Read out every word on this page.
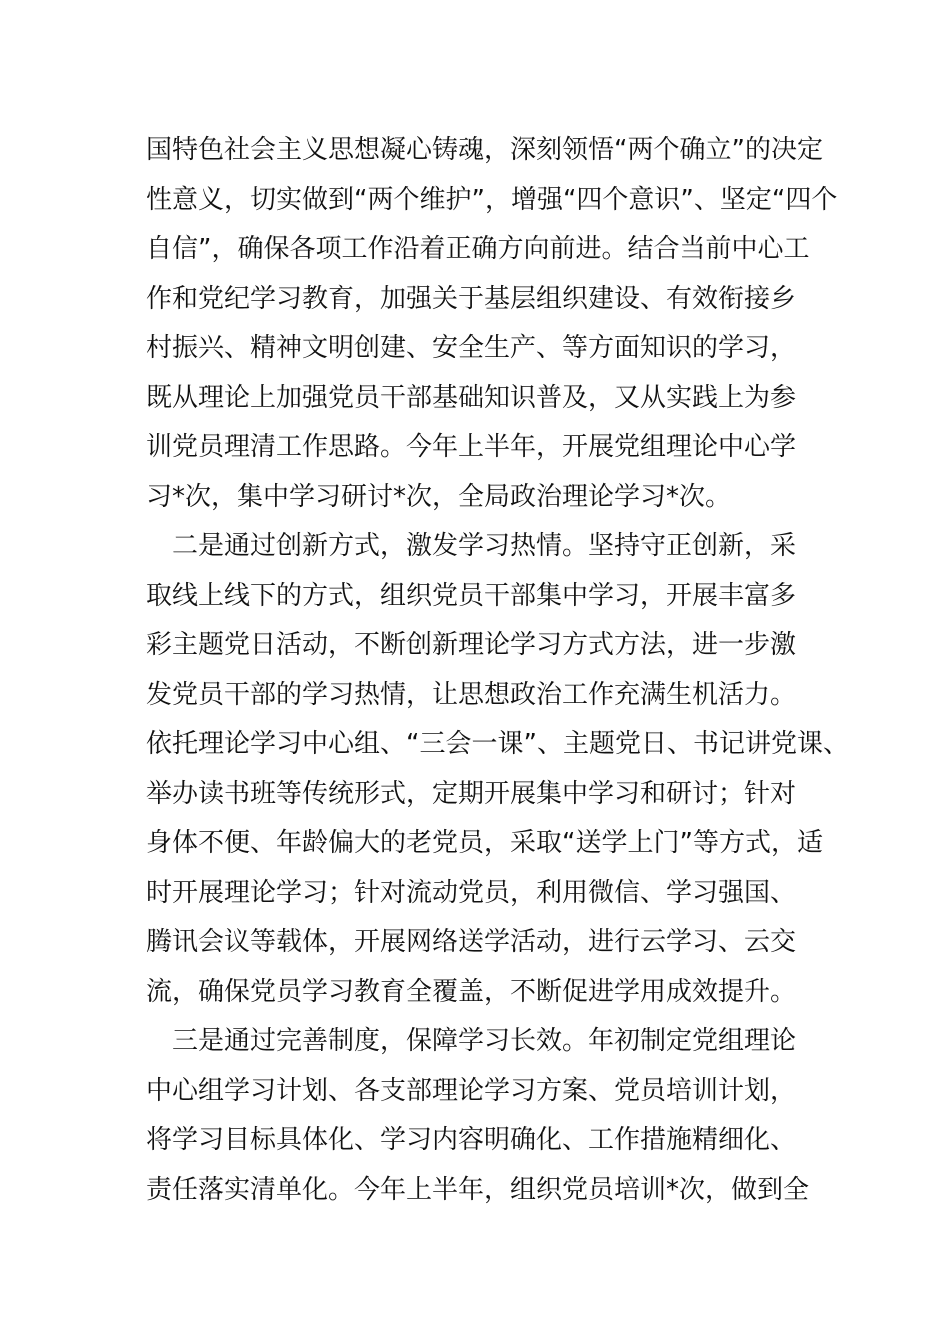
国特色社会主义思想凝心铸魂，深刻领悟“两个确立”的决定
性意义，切实做到“两个维护”，增强“四个意识”、坚定“四个
自信”，确保各项工作沿着正确方向前进。结合当前中心工
作和党纪学习教育，加强关于基层组织建设、有效衔接乡
村振兴、精神文明创建、安全生产、等方面知识的学习，
既从理论上加强党员干部基础知识普及，又从实践上为参
训党员理清工作思路。今年上半年，开展党组理论中心学
习*次，集中学习研讨*次，全局政治理论学习*次。
　二是通过创新方式，激发学习热情。坚持守正创新，采
取线上线下的方式，组织党员干部集中学习，开展丰富多
彩主题党日活动，不断创新理论学习方式方法，进一步激
发党员干部的学习热情，让思想政治工作充满生机活力。
依托理论学习中心组、“三会一课”、主题党日、书记讲党课、
举办读书班等传统形式，定期开展集中学习和研讨；针对
身体不便、年龄偏大的老党员，采取“送学上门”等方式，适
时开展理论学习；针对流动党员，利用微信、学习强国、
腾讯会议等载体，开展网络送学活动，进行云学习、云交
流，确保党员学习教育全覆盖，不断促进学用成效提升。
　三是通过完善制度，保障学习长效。年初制定党组理论
中心组学习计划、各支部理论学习方案、党员培训计划，
将学习目标具体化、学习内容明确化、工作措施精细化、
责任落实清单化。今年上半年，组织党员培训*次，做到全
